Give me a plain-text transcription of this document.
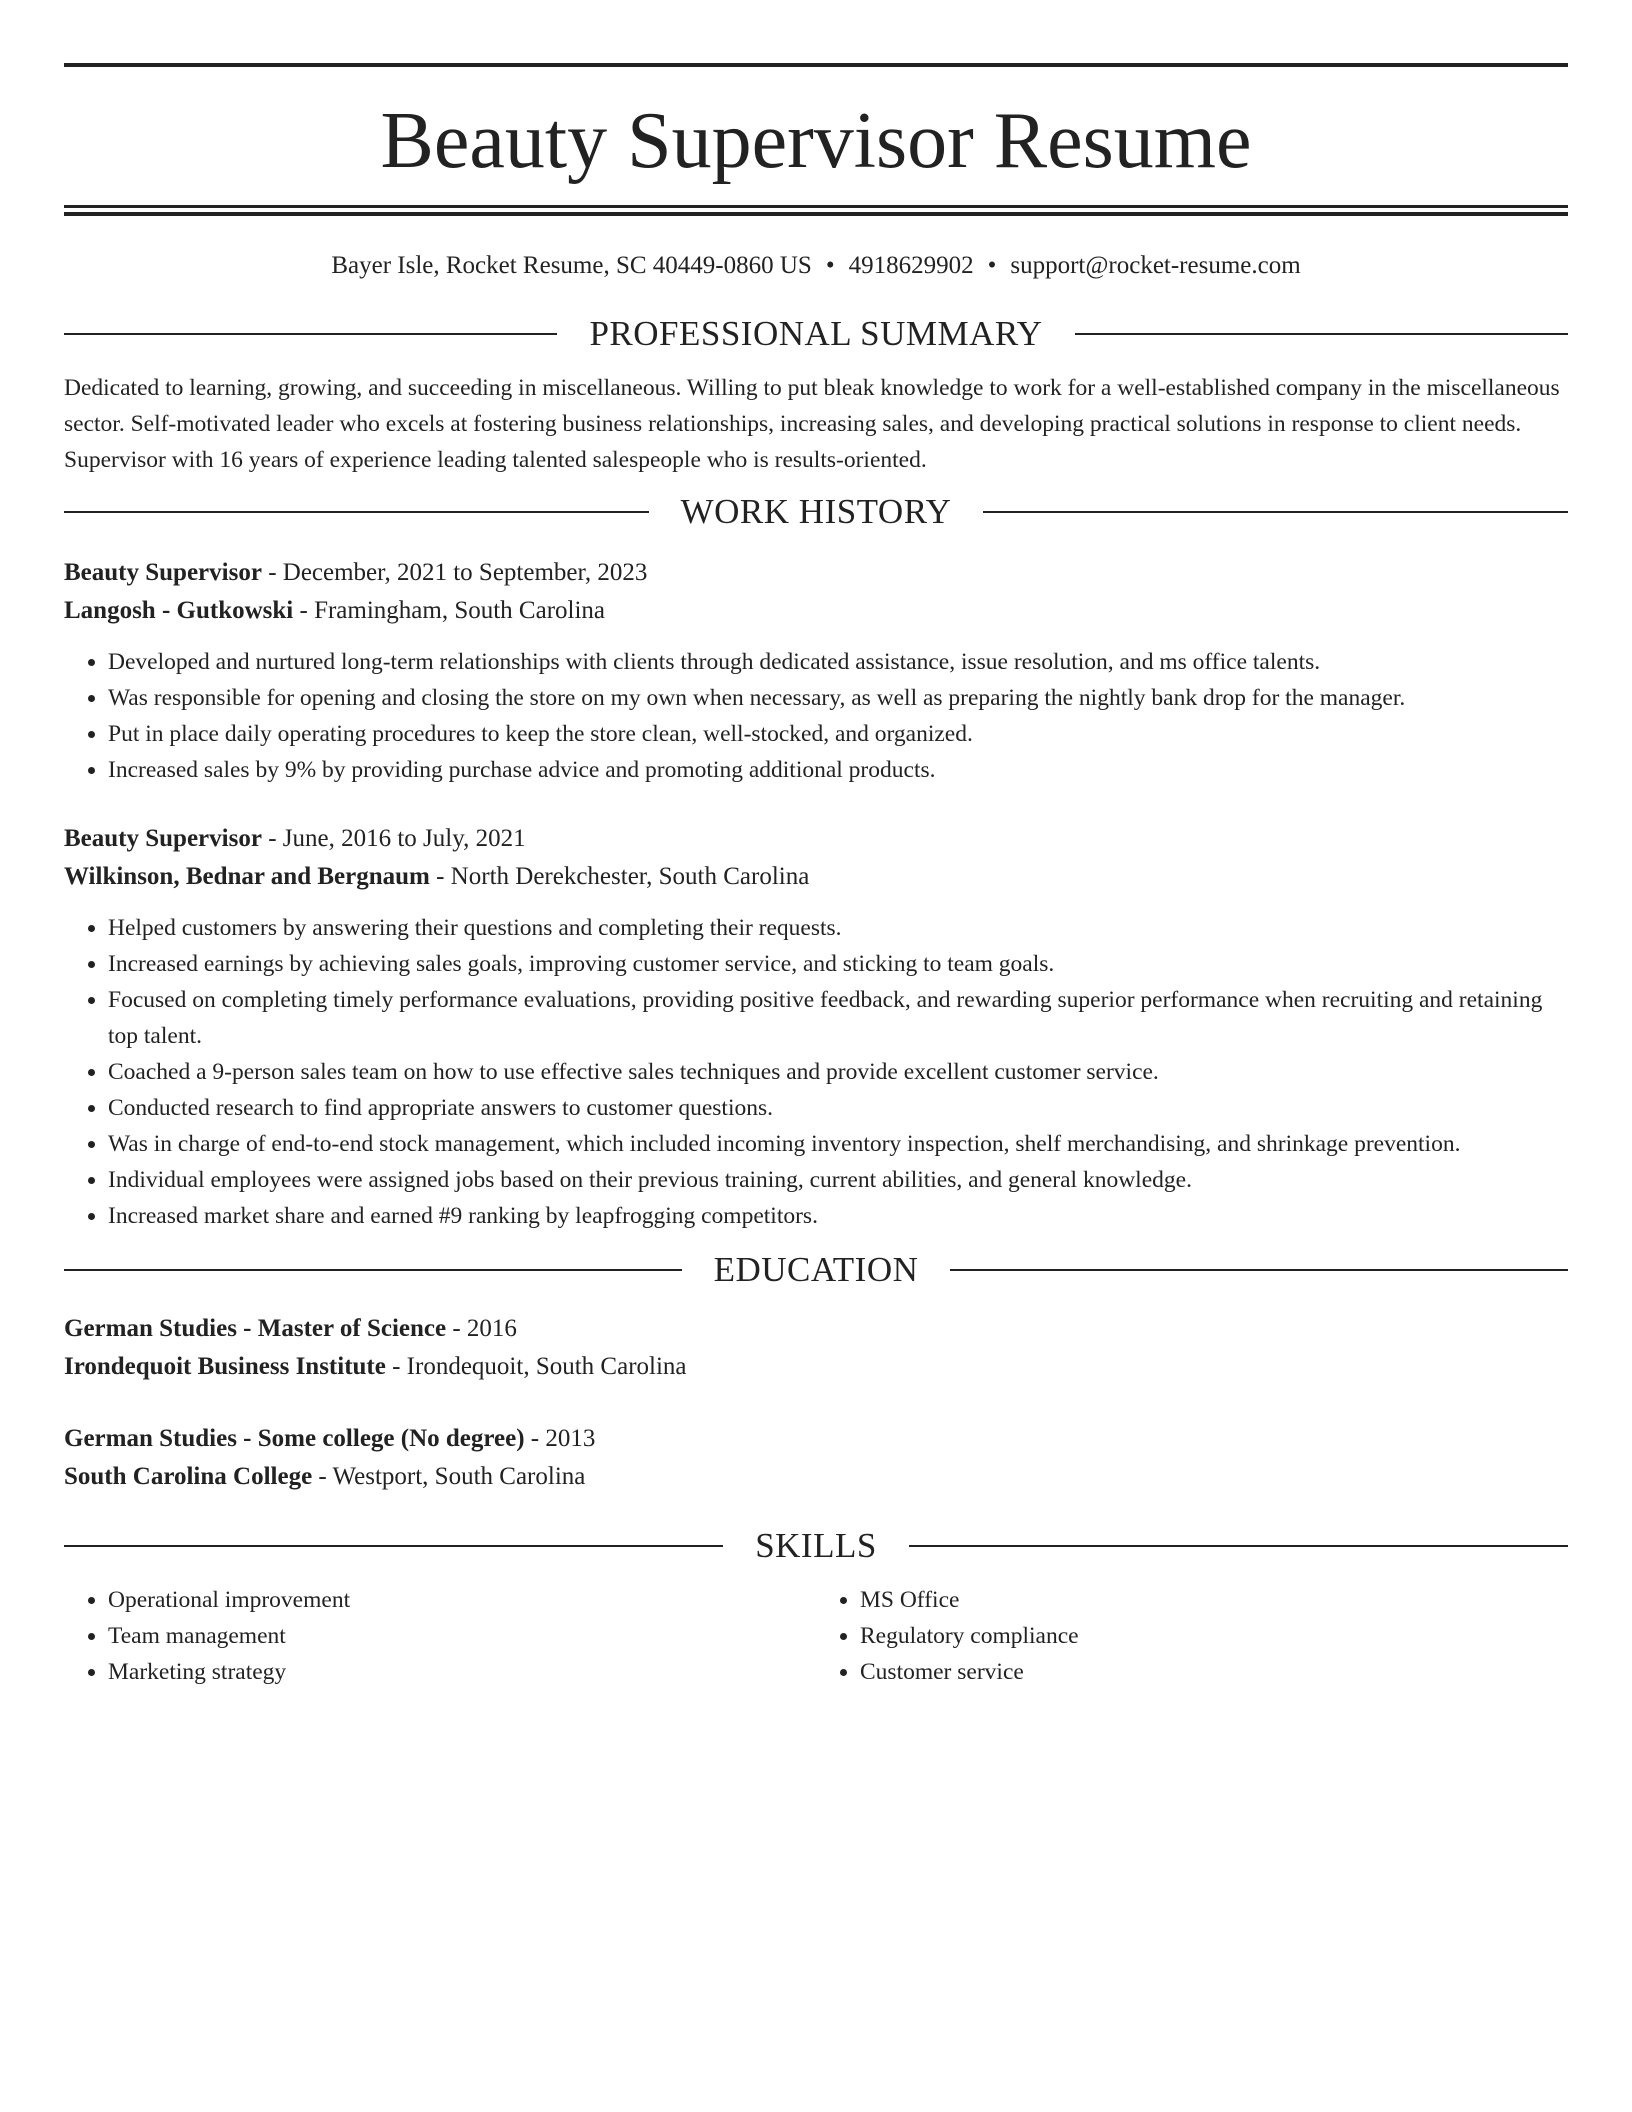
Beauty Supervisor Resume
Bayer Isle, Rocket Resume, SC 40449-0860 US • 4918629902 • support@rocket-resume.com
PROFESSIONAL SUMMARY

Dedicated to learning, growing, and succeeding in miscellaneous. Willing to put bleak knowledge to work for a well-established company in the miscellaneous sector. Self-motivated leader who excels at fostering business relationships, increasing sales, and developing practical solutions in response to client needs. Supervisor with 16 years of experience leading talented salespeople who is results-oriented.

WORK HISTORY
Beauty Supervisor - December, 2021 to September, 2023
Langosh - Gutkowski - Framingham, South Carolina
• Developed and nurtured long-term relationships with clients through dedicated assistance, issue resolution, and ms office talents.
• Was responsible for opening and closing the store on my own when necessary, as well as preparing the nightly bank drop for the manager.
• Put in place daily operating procedures to keep the store clean, well-stocked, and organized.
• Increased sales by 9% by providing purchase advice and promoting additional products.
Beauty Supervisor - June, 2016 to July, 2021
Wilkinson, Bednar and Bergnaum - North Derekchester, South Carolina
• Helped customers by answering their questions and completing their requests.
• Increased earnings by achieving sales goals, improving customer service, and sticking to team goals.
• Focused on completing timely performance evaluations, providing positive feedback, and rewarding superior performance when recruiting and retaining top talent.
• Coached a 9-person sales team on how to use effective sales techniques and provide excellent customer service.
• Conducted research to find appropriate answers to customer questions.
• Was in charge of end-to-end stock management, which included incoming inventory inspection, shelf merchandising, and shrinkage prevention.
• Individual employees were assigned jobs based on their previous training, current abilities, and general knowledge.
• Increased market share and earned #9 ranking by leapfrogging competitors.
EDUCATION
German Studies - Master of Science - 2016
Irondequoit Business Institute - Irondequoit, South Carolina
German Studies - Some college (No degree) - 2013
South Carolina College - Westport, South Carolina
SKILLS
• Operational improvement
• Team management
• Marketing strategy
• MS Office
• Regulatory compliance
• Customer service
